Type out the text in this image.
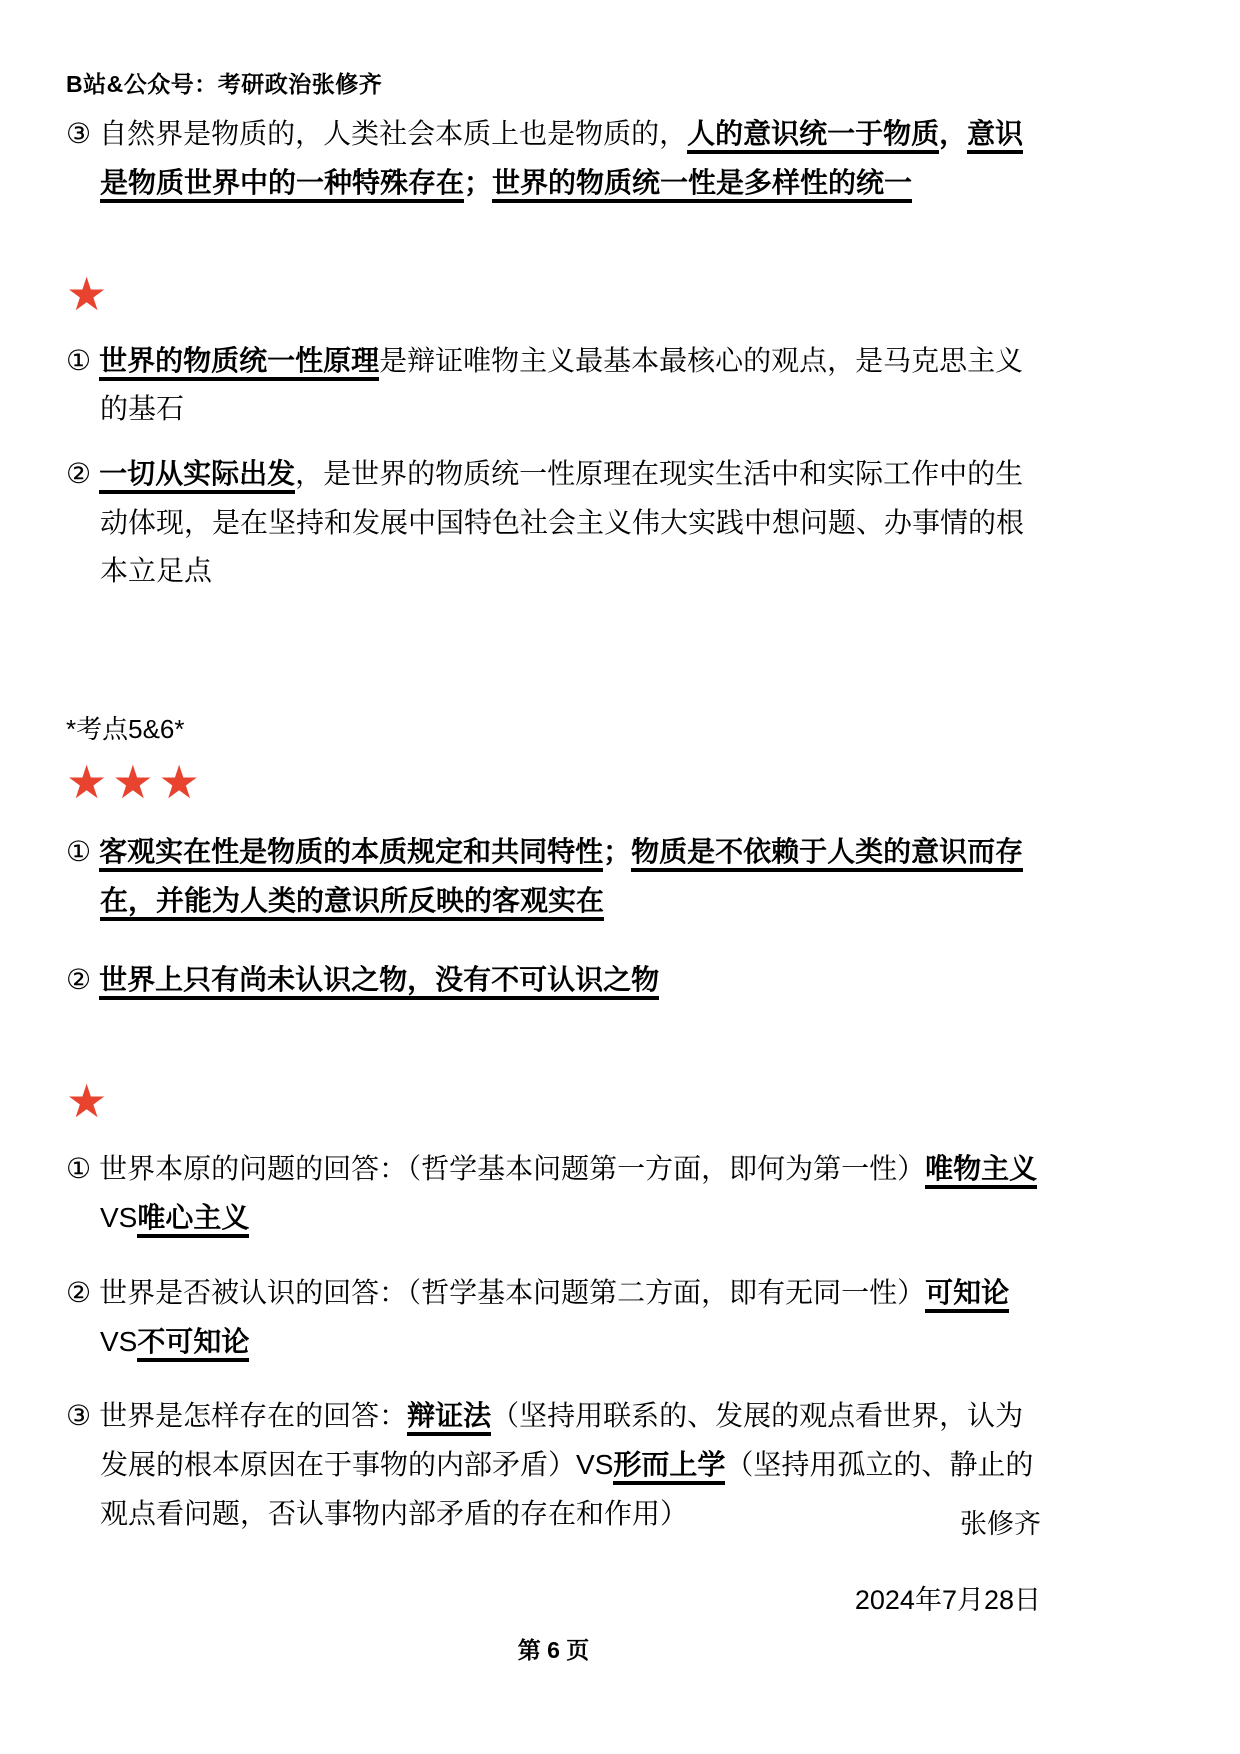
B站&公众号：考研政治张修齐
③ 自然界是物质的，人类社会本质上也是物质的，人的意识统一于物质，意识是物质世界中的一种特殊存在；世界的物质统一性是多样性的统一
★
① 世界的物质统一性原理是辩证唯物主义最基本最核心的观点，是马克思主义的基石
② 一切从实际出发，是世界的物质统一性原理在现实生活中和实际工作中的生动体现，是在坚持和发展中国特色社会主义伟大实践中想问题、办事情的根本立足点
*考点5&6*
★★★
① 客观实在性是物质的本质规定和共同特性；物质是不依赖于人类的意识而存在，并能为人类的意识所反映的客观实在
② 世界上只有尚未认识之物，没有不可认识之物
★
① 世界本原的问题的回答：（哲学基本问题第一方面，即何为第一性）唯物主义VS唯心主义
② 世界是否被认识的回答：（哲学基本问题第二方面，即有无同一性）可知论VS不可知论
③ 世界是怎样存在的回答：辩证法（坚持用联系的、发展的观点看世界，认为发展的根本原因在于事物的内部矛盾）VS形而上学（坚持用孤立的、静止的观点看问题，否认事物内部矛盾的存在和作用）	张修齐
2024年7月28日
第 6 页
